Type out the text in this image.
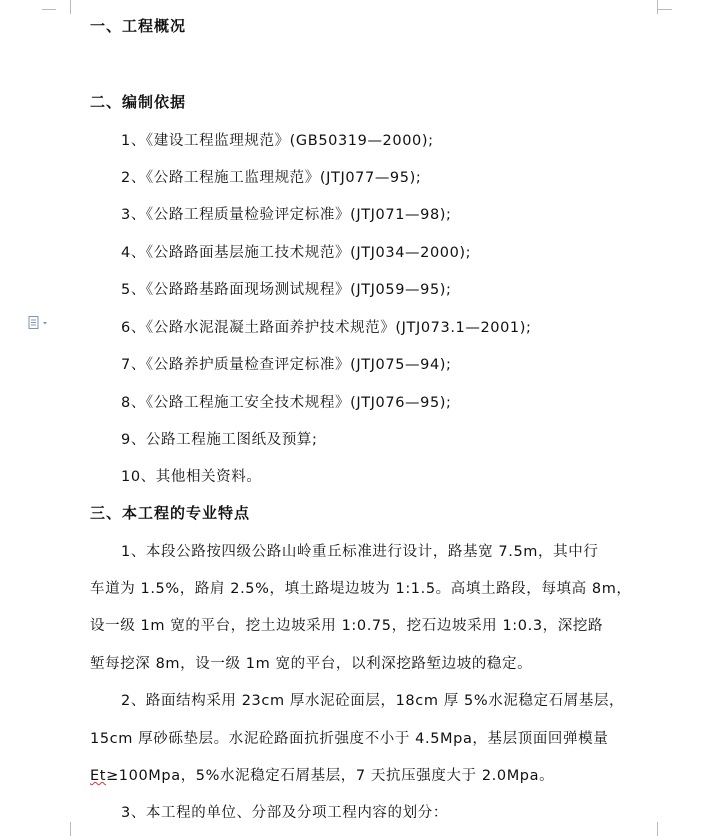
一、工程概况
二、编制依据
1、《建设工程监理规范》(GB50319—2000);
2、《公路工程施工监理规范》(JTJ077—95);
3、《公路工程质量检验评定标准》(JTJ071—98);
4、《公路路面基层施工技术规范》(JTJ034—2000);
5、《公路路基路面现场测试规程》(JTJ059—95);
6、《公路水泥混凝土路面养护技术规范》(JTJ073.1—2001);
7、《公路养护质量检查评定标准》(JTJ075—94);
8、《公路工程施工安全技术规程》(JTJ076—95);
9、公路工程施工图纸及预算;
10、其他相关资料。
三、本工程的专业特点
1、本段公路按四级公路山岭重丘标准进行设计，路基宽 7.5m，其中行
车道为 1.5%，路肩 2.5%，填土路堤边坡为 1:1.5。高填土路段，每填高 8m，
设一级 1m 宽的平台，挖土边坡采用 1:0.75，挖石边坡采用 1:0.3，深挖路
堑每挖深 8m，设一级 1m 宽的平台，以利深挖路堑边坡的稳定。
2、路面结构采用 23cm 厚水泥砼面层，18cm 厚 5%水泥稳定石屑基层，
15cm 厚砂砾垫层。水泥砼路面抗折强度不小于 4.5Mpa，基层顶面回弹模量
Et≥100Mpa，5%水泥稳定石屑基层，7 天抗压强度大于 2.0Mpa。
3、本工程的单位、分部及分项工程内容的划分：
